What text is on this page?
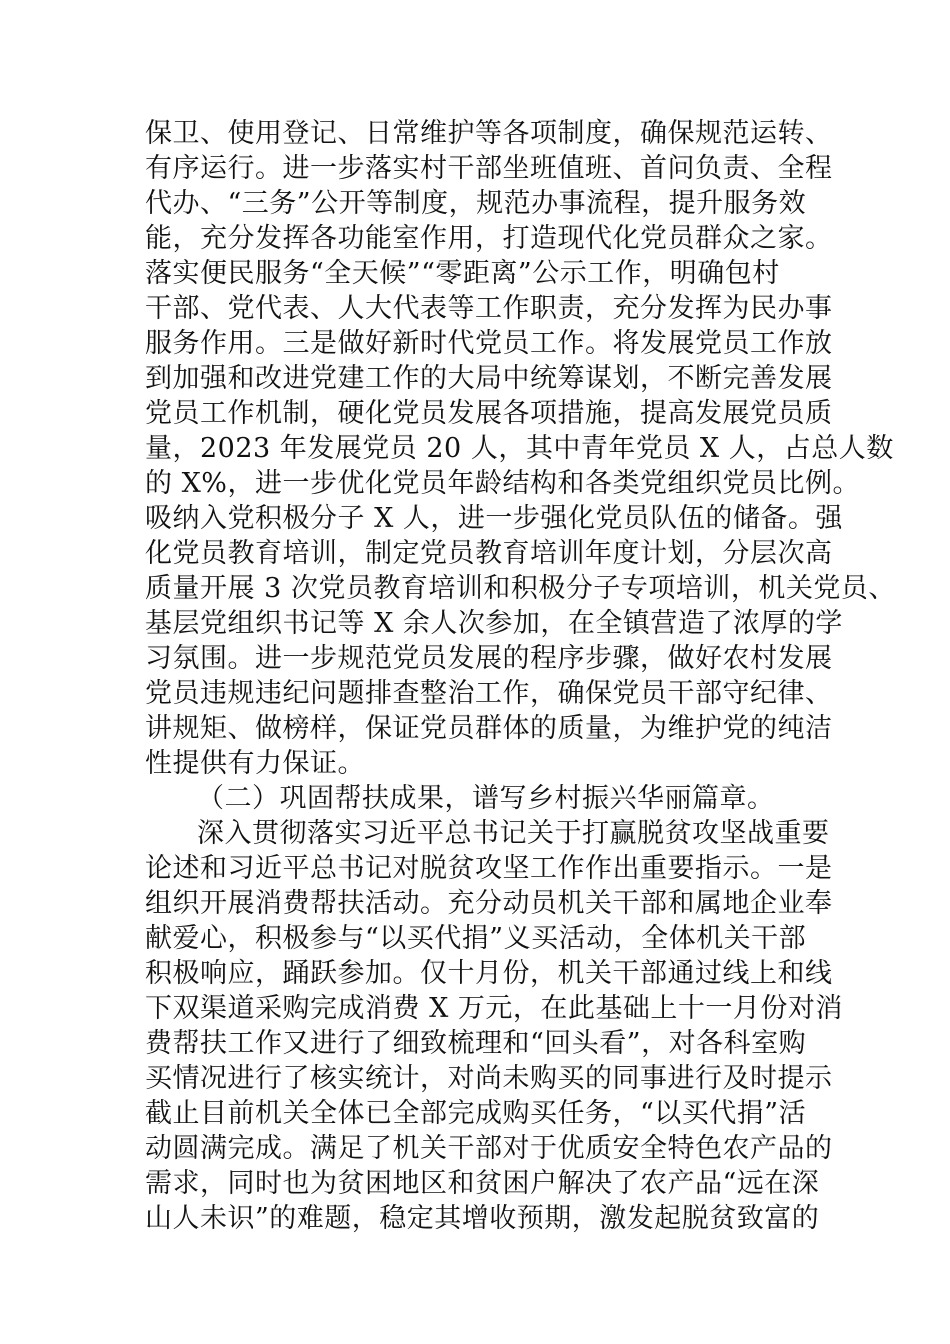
保卫、使用登记、日常维护等各项制度，确保规范运转、
有序运行。进一步落实村干部坐班值班、首问负责、全程
代办、“三务”公开等制度，规范办事流程，提升服务效
能，充分发挥各功能室作用，打造现代化党员群众之家。
落实便民服务“全天候”“零距离”公示工作，明确包村
干部、党代表、人大代表等工作职责，充分发挥为民办事
服务作用。三是做好新时代党员工作。将发展党员工作放
到加强和改进党建工作的大局中统筹谋划，不断完善发展
党员工作机制，硬化党员发展各项措施，提高发展党员质
量，2023 年发展党员 20 人，其中青年党员 X 人，占总人数
的 X%，进一步优化党员年龄结构和各类党组织党员比例。
吸纳入党积极分子 X 人，进一步强化党员队伍的储备。强
化党员教育培训，制定党员教育培训年度计划，分层次高
质量开展 3 次党员教育培训和积极分子专项培训，机关党员、
基层党组织书记等 X 余人次参加，在全镇营造了浓厚的学
习氛围。进一步规范党员发展的程序步骤，做好农村发展
党员违规违纪问题排查整治工作，确保党员干部守纪律、
讲规矩、做榜样，保证党员群体的质量，为维护党的纯洁
性提供有力保证。
（二）巩固帮扶成果，谱写乡村振兴华丽篇章。
深入贯彻落实习近平总书记关于打赢脱贫攻坚战重要
论述和习近平总书记对脱贫攻坚工作作出重要指示。一是
组织开展消费帮扶活动。充分动员机关干部和属地企业奉
献爱心，积极参与“以买代捐”义买活动，全体机关干部
积极响应，踊跃参加。仅十月份，机关干部通过线上和线
下双渠道采购完成消费 X 万元，在此基础上十一月份对消
费帮扶工作又进行了细致梳理和“回头看”，对各科室购
买情况进行了核实统计，对尚未购买的同事进行及时提示
截止目前机关全体已全部完成购买任务，“以买代捐”活
动圆满完成。满足了机关干部对于优质安全特色农产品的
需求，同时也为贫困地区和贫困户解决了农产品“远在深
山人未识”的难题，稳定其增收预期，激发起脱贫致富的
